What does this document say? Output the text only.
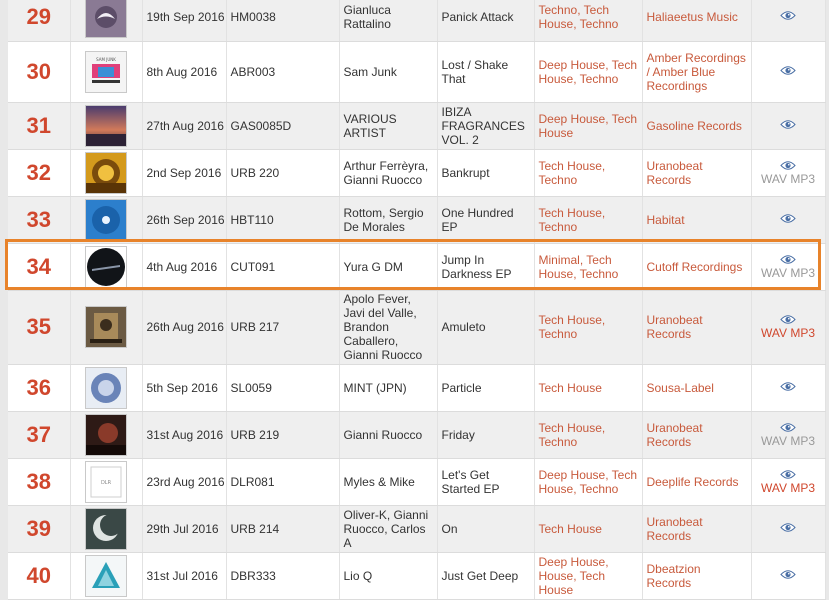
29		19th Sep 2016	HM0038	Gianluca Rattalino	Panick Attack	Techno, Tech House, Techno	Haliaeetus Music	

30	SAM JUNK	8th Aug 2016	ABR003	Sam Junk	Lost / Shake That	Deep House, Tech House, Techno	Amber Recordings / Amber Blue Recordings	

31		27th Aug 2016	GAS0085D	VARIOUS ARTIST	IBIZA FRAGRANCES VOL. 2	Deep House, Tech House	Gasoline Records	

32		2nd Sep 2016	URB 220	Arthur Ferrèyra, Gianni Ruocco	Bankrupt	Tech House, Techno	Uranobeat Records	WAV MP3

33		26th Sep 2016	HBT110	Rottom, Sergio De Morales	One Hundred EP	Tech House, Techno	Habitat	

34		4th Aug 2016	CUT091	Yura G DM	Jump In Darkness EP	Minimal, Tech House, Techno	Cutoff Recordings	WAV MP3

35		26th Aug 2016	URB 217	Apolo Fever, Javi del Valle, Brandon Caballero, Gianni Ruocco	Amuleto	Tech House, Techno	Uranobeat Records	WAV MP3

36		5th Sep 2016	SL0059	MINT (JPN)	Particle	Tech House	Sousa-Label	

37		31st Aug 2016	URB 219	Gianni Ruocco	Friday	Tech House, Techno	Uranobeat Records	WAV MP3

38	DLR	23rd Aug 2016	DLR081	Myles & Mike	Let's Get Started EP	Deep House, Tech House, Techno	Deeplife Records	WAV MP3

39		29th Jul 2016	URB 214	Oliver-K, Gianni Ruocco, Carlos A	On	Tech House	Uranobeat Records	

40		31st Jul 2016	DBR333	Lio Q	Just Get Deep	Deep House, House, Tech House	Dbeatzion Records	
